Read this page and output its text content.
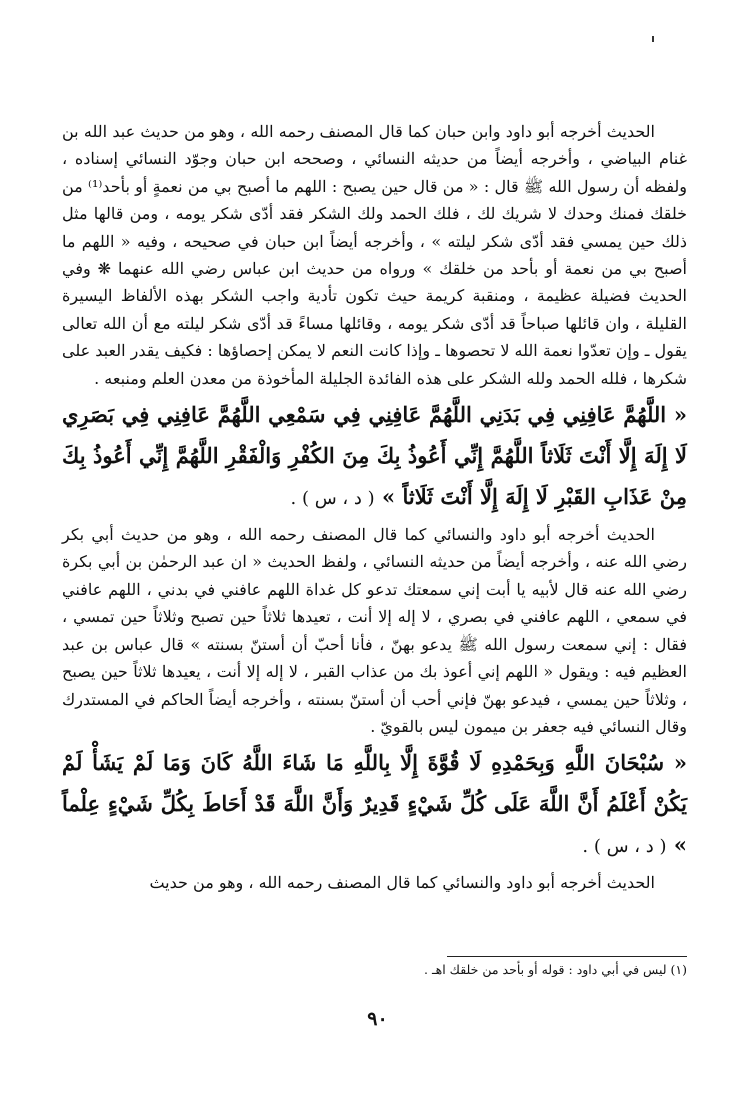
الحديث أخرجه أبو داود وابن حبان كما قال المصنف رحمه الله ، وهو من حديث عبد الله بن غنام البياضي ، وأخرجه أيضاً من حديثه النسائي ، وصححه ابن حبان وجوّد النسائي إسناده ، ولفظه أن رسول الله ﷺ قال : « من قال حين يصبح : اللهم ما أصبح بي من نعمةٍ أو بأحد⁽¹⁾ من خلقك فمنك وحدك لا شريك لك ، فلك الحمد ولك الشكر فقد أدّى شكر يومه ، ومن قالها مثل ذلك حين يمسي فقد أدّى شكر ليلته » ، وأخرجه أيضاً ابن حبان في صحيحه ، وفيه « اللهم ما أصبح بي من نعمة أو بأحد من خلقك » ورواه من حديث ابن عباس رضي الله عنهما ❋ وفي الحديث فضيلة عظيمة ، ومنقبة كريمة حيث تكون تأدية واجب الشكر بهذه الألفاظ اليسيرة القليلة ، وان قائلها صباحاً قد أدّى شكر يومه ، وقائلها مساءً قد أدّى شكر ليلته مع أن الله تعالى يقول ـ وإن تعدّوا نعمة الله لا تحصوها ـ وإذا كانت النعم لا يمكن إحصاؤها : فكيف يقدر العبد على شكرها ، فلله الحمد ولله الشكر على هذه الفائدة الجليلة المأخوذة من معدن العلم ومنبعه .

« اللَّهُمَّ عَافِنِي فِي بَدَنِي اللَّهُمَّ عَافِنِي فِي سَمْعِي اللَّهُمَّ عَافِنِي فِي بَصَرِي لَا إِلَهَ إِلَّا أَنْتَ ثَلَاثاً اللَّهُمَّ إِنِّي أَعُوذُ بِكَ مِنَ الكُفْرِ وَالْفَقْرِ اللَّهُمَّ إِنِّي أَعُوذُ بِكَ مِنْ عَذَابِ القَبْرِ لَا إِلَهَ إِلَّا أَنْتَ ثَلَاثاً » ( د ، س ) .

الحديث أخرجه أبو داود والنسائي كما قال المصنف رحمه الله ، وهو من حديث أبي بكر رضي الله عنه ، وأخرجه أيضاً من حديثه النسائي ، ولفظ الحديث « ان عبد الرحمٰن بن أبي بكرة رضي الله عنه قال لأبيه يا أبت إني سمعتك تدعو كل غداة اللهم عافني في بدني ، اللهم عافني في سمعي ، اللهم عافني في بصري ، لا إله إلا أنت ، تعيدها ثلاثاً حين تصبح وثلاثاً حين تمسي ، فقال : إني سمعت رسول الله ﷺ يدعو بهنّ ، فأنا أحبّ أن أستنّ بسنته » قال عباس بن عبد العظيم فيه : ويقول « اللهم إني أعوذ بك من عذاب القبر ، لا إله إلا أنت ، يعيدها ثلاثاً حين يصبح ، وثلاثاً حين يمسي ، فيدعو بهنّ فإني أحب أن أستنّ بسنته ، وأخرجه أيضاً الحاكم في المستدرك وقال النسائي فيه جعفر بن ميمون ليس بالقويّ .

« سُبْحَانَ اللَّهِ وَبِحَمْدِهِ لَا قُوَّةَ إِلَّا بِاللَّهِ مَا شَاءَ اللَّهُ كَانَ وَمَا لَمْ يَشَأْ لَمْ يَكُنْ أَعْلَمُ أَنَّ اللَّهَ عَلَى كُلِّ شَيْءٍ قَدِيرٌ وَأَنَّ اللَّهَ قَدْ أَحَاطَ بِكُلِّ شَيْءٍ عِلْماً » ( د ، س ) .

الحديث أخرجه أبو داود والنسائي كما قال المصنف رحمه الله ، وهو من حديث

(١) ليس في أبي داود : قوله أو بأحد من خلقك اهـ .

٩٠
